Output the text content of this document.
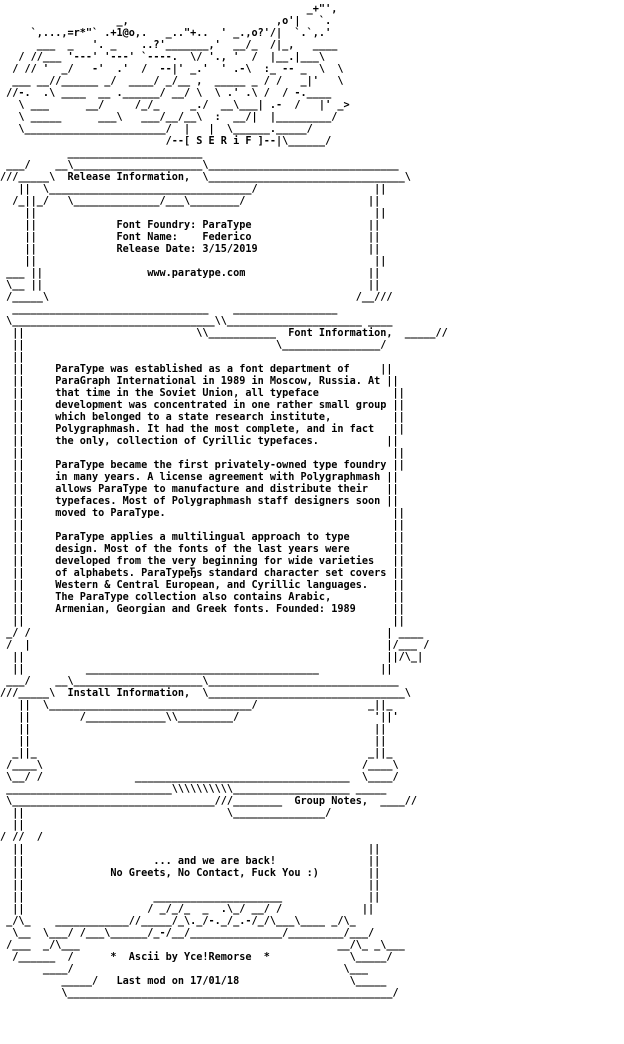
_+"',
_,                        ,o'|   `.
`,...,=r*"` .+1@o,.   _.."+..  ' _.,o?'/|  `.`,.'
___  _   '. _    ..?'_______,'  __/_  /|_,   ____
/ //___ '---' '---' `----.  \/ '., '  /  |__.|___\
/ // '  _/   -'  .'  /  --|' _.'  ' .-\  :_ -- _  \  \
___ __//______ _/  ____/ _/__ ,  _____ _ / /   _|'   \
//-.  .\ ____  __ .______/ __/ \  \ .' .\ /  / -.____
\ ___      __/     /_/_     _./  __\___| .-  /   |' _>
\ _____      ___\   ___/__/__\  :  __/|  |_________/
\_______________________/  |   |  \______._____/
/--[ S E R i F ]--|\______/
______________________
___/    __\_____________________\_______________________________
///_____\  Release Information,  \________________________________\
||  \_________________________________/                   ||
/_||_/   \______________/___\________/                    ||
||                                                       ||
||             Font Foundry: ParaType                   ||
||             Font Name:    Federico                   ||
||             Release Date: 3/15/2019                  ||
||                                                       ||
___ ||                 www.paratype.com                    ||
\__ ||                                                     ||
/_____\                                                  /__///
________________________________    _________________
\_________________________________\\______________________ ____
||                            \\___________  Font Information,  _____//
||                                         \________________/
||
||     ParaType was established as a font department of     ||
||     ParaGraph International in 1989 in Moscow, Russia. At ||
||     that time in the Soviet Union, all typeface            ||
||     development was concentrated in one rather small group ||
||     which belonged to a state research institute,          ||
||     Polygraphmash. It had the most complete, and in fact   ||
||     the only, collection of Cyrillic typefaces.           ||
||                                                            ||
||     ParaType became the first privately-owned type foundry ||
||     in many years. A license agreement with Polygraphmash ||
||     allows ParaType to manufacture and distribute their   ||
||     typefaces. Most of Polygraphmash staff designers soon ||
||     moved to ParaType.                                     ||
||                                                            ||
||     ParaType applies a multilingual approach to type       ||
||     design. Most of the fonts of the last years were       ||
||     developed from the very beginning for wide varieties   ||
||     of alphabets. ParaTypeЂs standard character set covers ||
||     Western & Central European, and Cyrillic languages.    ||
||     The ParaType collection also contains Arabic,          ||
||     Armenian, Georgian and Greek fonts. Founded: 1989      ||
||                                                            ||
_/ /                                                          | ____
/  |                                                          |/___ /
||                                                           ||/\_|
||          ______________________________________          ||
___/    __\_____________________\_______________________________
///_____\  Install Information,  \________________________________\
||  \_________________________________/                  _||_
||        /_____________\\_________/                      '||'
||                                                        ||
||                                                        ||
_||_                                                      _||_
/____\                                                    /____\
\__/ /               ___________________________________  \____/
___________________________\\\\\\\\\\___________________ _____
\_________________________________///________  Group Notes,  ____//
||                                 \_______________/
||
/ //  /
||                                                        ||
||                     ... and we are back!               ||
||              No Greets, No Contact, Fuck You :)        ||
||                                                        ||
||                     _____________________              ||
||                    / _/_/_  _  .\_/ __/ /             ||
_/\_    ____________//_____/_\._/-._/_.-/_/\___\____ _/\_
\__  \___/ /___\______/_-/__/_______________/_________/___/
/___  _/\___                                          __/\_ _\___
/______  /      *  Ascii by Yce!Remorse  *             \_____/
____/                                            \___
_____/   Last mod on 17/01/18                  \_____
\_____________________________________________________/
